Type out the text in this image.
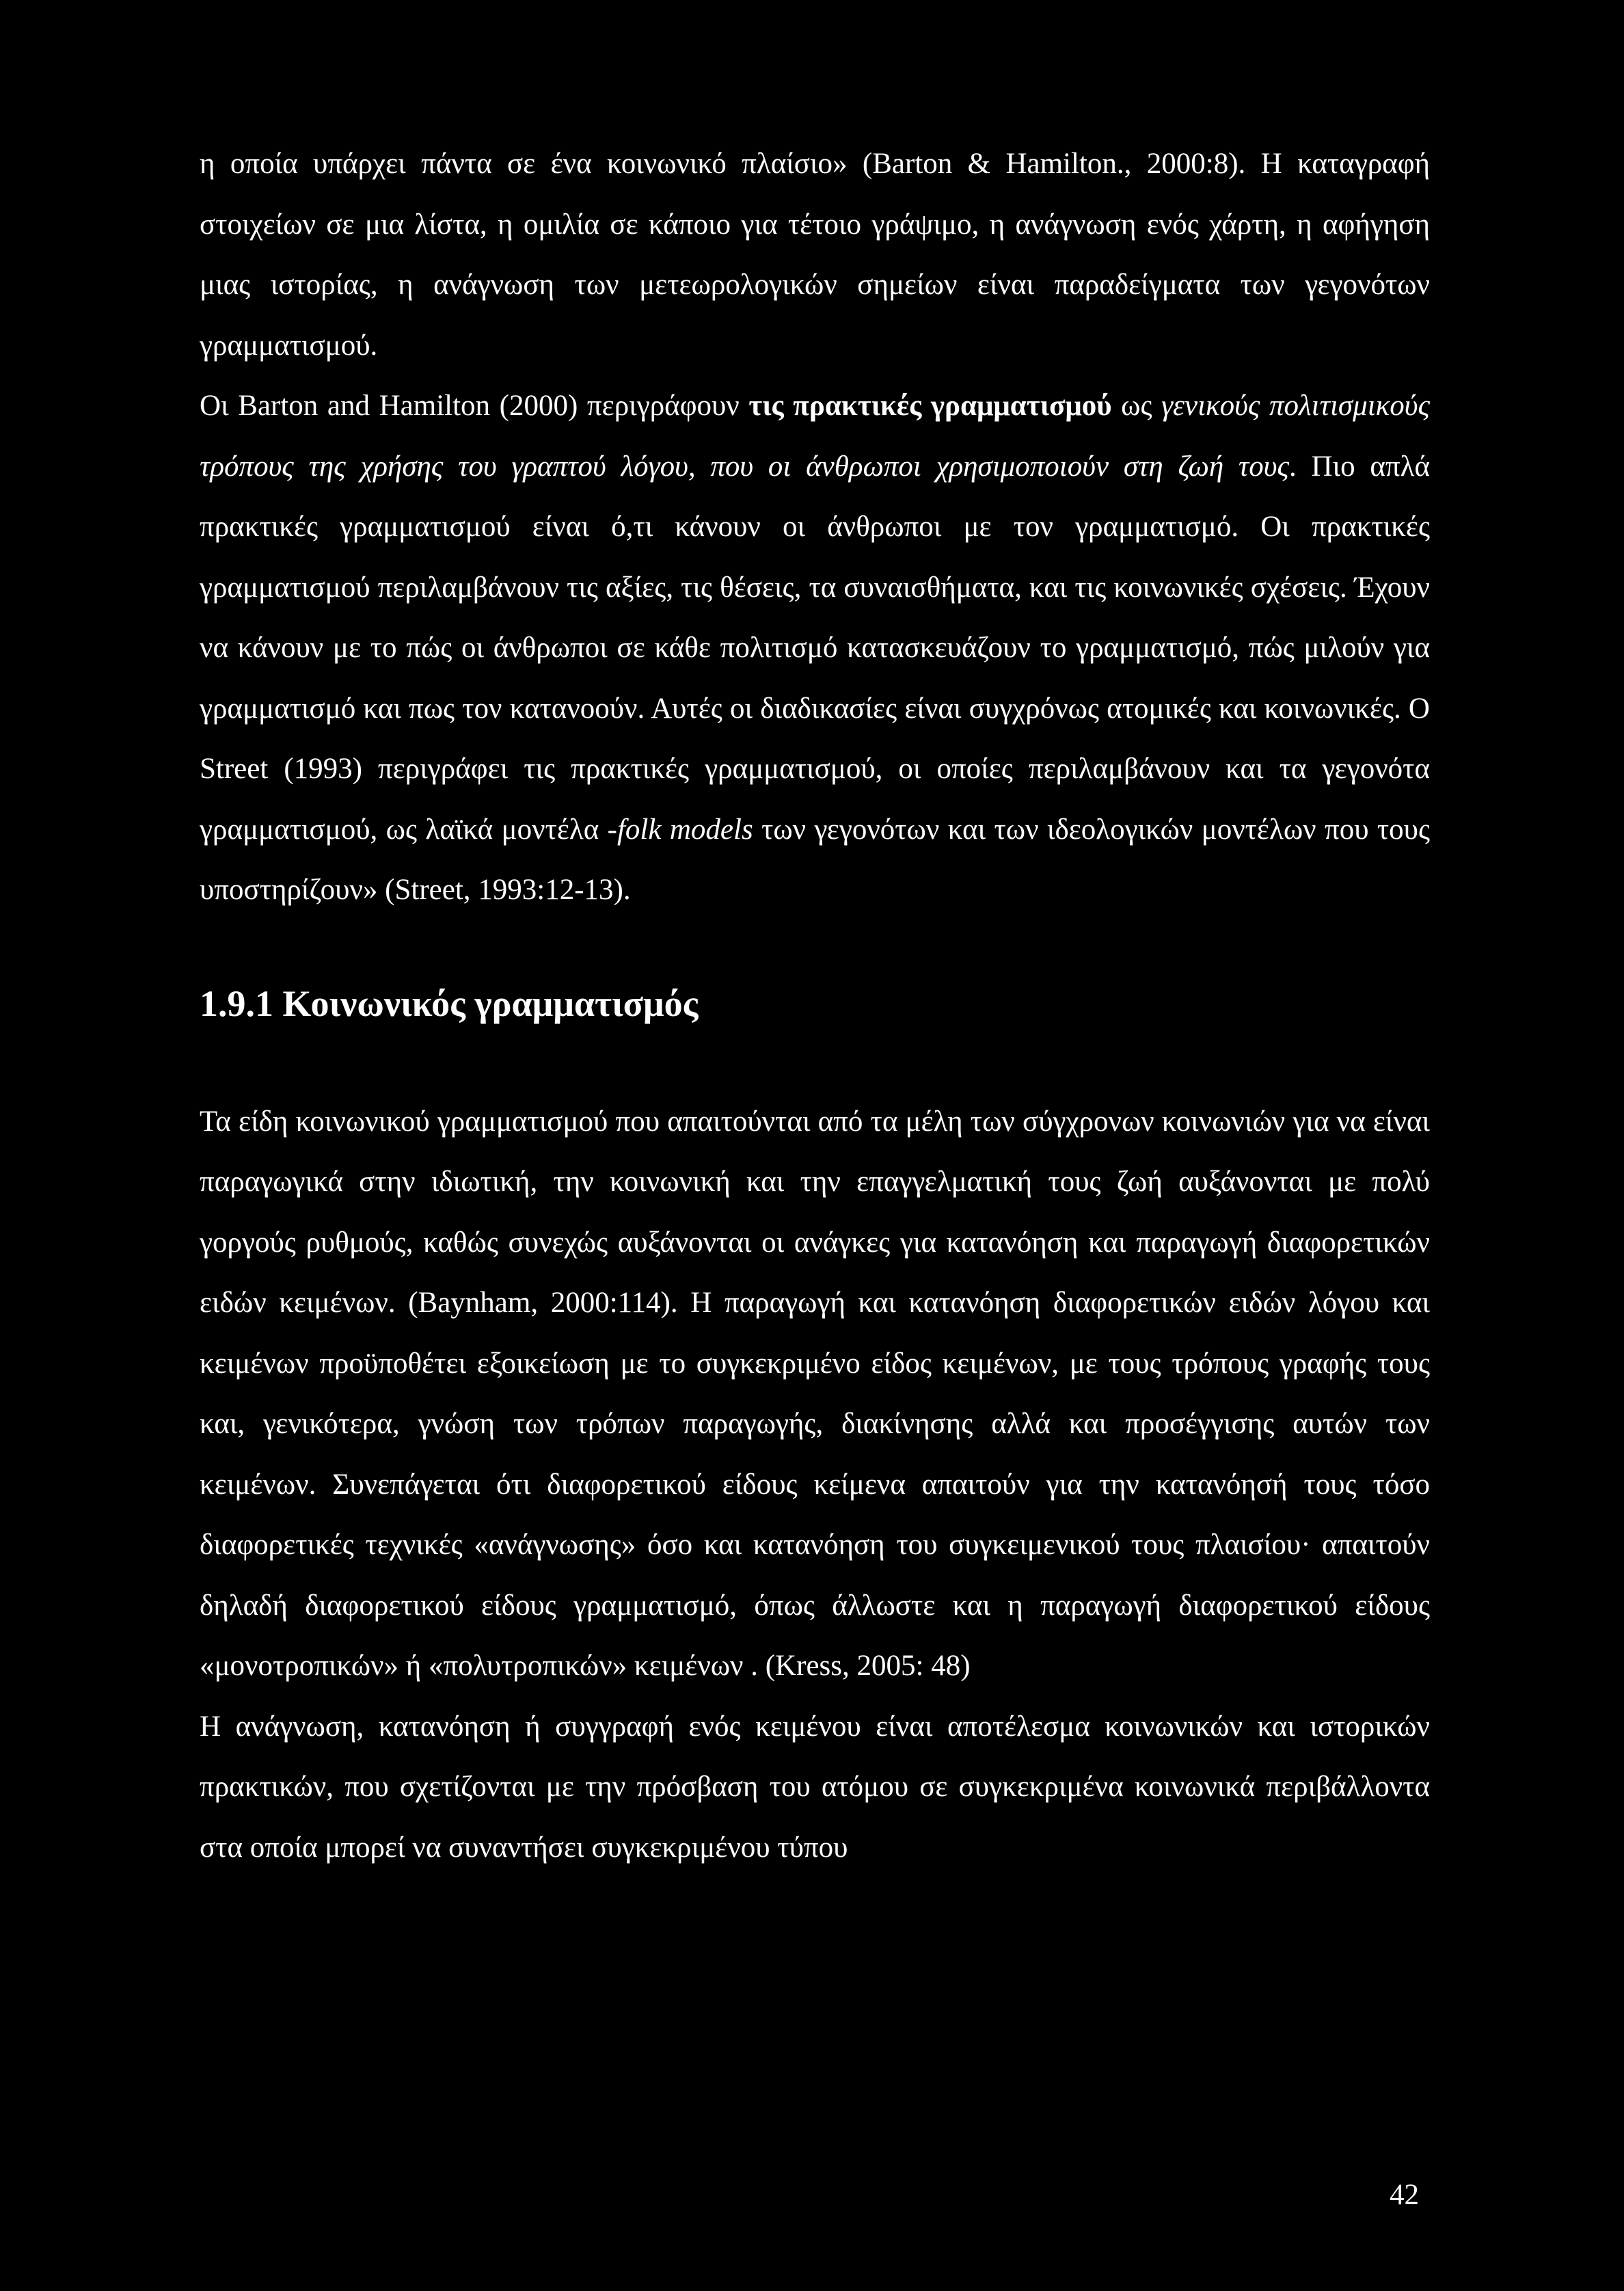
η οποία υπάρχει πάντα σε ένα κοινωνικό πλαίσιο» (Barton & Hamilton., 2000:8). Η καταγραφή στοιχείων σε μια λίστα, η ομιλία σε κάποιο για τέτοιο γράψιμο, η ανάγνωση ενός χάρτη, η αφήγηση μιας ιστορίας, η ανάγνωση των μετεωρολογικών σημείων είναι παραδείγματα των γεγονότων γραμματισμού.

Οι Barton and Hamilton (2000) περιγράφουν τις πρακτικές γραμματισμού ως γενικούς πολιτισμικούς τρόπους της χρήσης του γραπτού λόγου, που οι άνθρωποι χρησιμοποιούν στη ζωή τους. Πιο απλά πρακτικές γραμματισμού είναι ό,τι κάνουν οι άνθρωποι με τον γραμματισμό. Οι πρακτικές γραμματισμού περιλαμβάνουν τις αξίες, τις θέσεις, τα συναισθήματα, και τις κοινωνικές σχέσεις. Έχουν να κάνουν με το πώς οι άνθρωποι σε κάθε πολιτισμό κατασκευάζουν το γραμματισμό, πώς μιλούν για γραμματισμό και πως τον κατανοούν. Αυτές οι διαδικασίες είναι συγχρόνως ατομικές και κοινωνικές. Ο Street (1993) περιγράφει τις πρακτικές γραμματισμού, οι οποίες περιλαμβάνουν και τα γεγονότα γραμματισμού, ως λαϊκά μοντέλα -folk models των γεγονότων και των ιδεολογικών μοντέλων που τους υποστηρίζουν» (Street, 1993:12-13).

1.9.1 Κοινωνικός γραμματισμός

Τα είδη κοινωνικού γραμματισμού που απαιτούνται από τα μέλη των σύγχρονων κοινωνιών για να είναι παραγωγικά στην ιδιωτική, την κοινωνική και την επαγγελματική τους ζωή αυξάνονται με πολύ γοργούς ρυθμούς, καθώς συνεχώς αυξάνονται οι ανάγκες για κατανόηση και παραγωγή διαφορετικών ειδών κειμένων. (Baynham, 2000:114). Η παραγωγή και κατανόηση διαφορετικών ειδών λόγου και κειμένων προϋποθέτει εξοικείωση με το συγκεκριμένο είδος κειμένων, με τους τρόπους γραφής τους και, γενικότερα, γνώση των τρόπων παραγωγής, διακίνησης αλλά και προσέγγισης αυτών των κειμένων. Συνεπάγεται ότι διαφορετικού είδους κείμενα απαιτούν για την κατανόησή τους τόσο διαφορετικές τεχνικές «ανάγνωσης» όσο και κατανόηση του συγκειμενικού τους πλαισίου· απαιτούν δηλαδή διαφορετικού είδους γραμματισμό, όπως άλλωστε και η παραγωγή διαφορετικού είδους «μονοτροπικών» ή «πολυτροπικών» κειμένων . (Kress, 2005: 48)

Η ανάγνωση, κατανόηση ή συγγραφή ενός κειμένου είναι αποτέλεσμα κοινωνικών και ιστορικών πρακτικών, που σχετίζονται με την πρόσβαση του ατόμου σε συγκεκριμένα κοινωνικά περιβάλλοντα στα οποία μπορεί να συναντήσει συγκεκριμένου τύπου

42
